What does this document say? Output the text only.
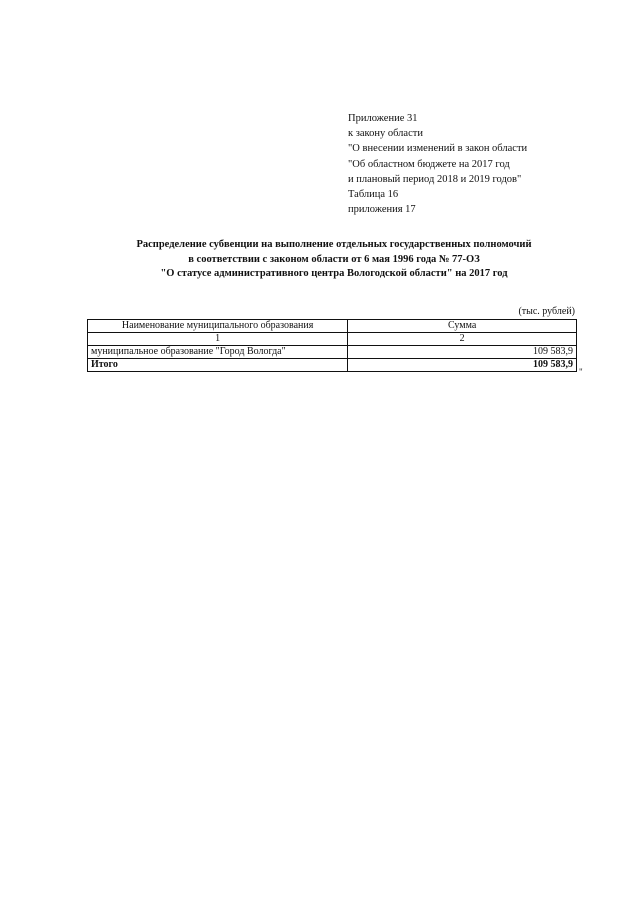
Приложение 31
к закону области
"О внесении изменений в закон области
"Об областном бюджете на 2017 год
и плановый период 2018 и 2019 годов"
Таблица 16
приложения 17
Распределение субвенции на выполнение отдельных государственных полномочий
в соответствии с законом области от 6 мая 1996 года № 77-ОЗ
"О статусе административного центра Вологодской области" на 2017 год
(тыс. рублей)
Наименование муниципального образования	Сумма
1	2
муниципальное образование "Город Вологда"	109 583,9
Итого	109 583,9
"
